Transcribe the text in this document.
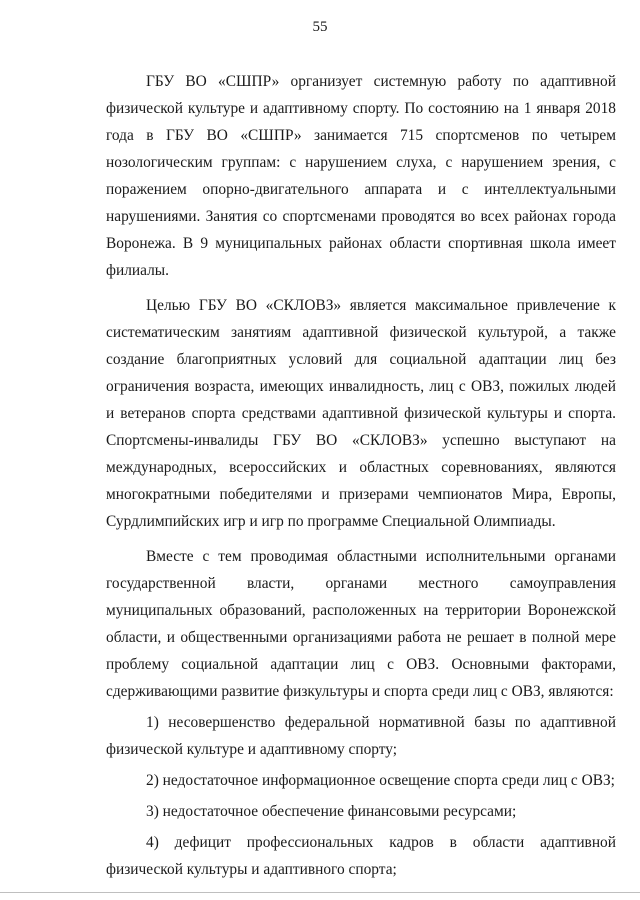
55

ГБУ ВО «СШПР» организует системную работу по адаптивной физической культуре и адаптивному спорту. По состоянию на 1 января 2018 года в ГБУ ВО «СШПР» занимается 715 спортсменов по четырем нозологическим группам: с нарушением слуха, с нарушением зрения, с поражением опорно-двигательного аппарата и с интеллектуальными нарушениями. Занятия со спортсменами проводятся во всех районах города Воронежа. В 9 муниципальных районах области спортивная школа имеет филиалы.

Целью ГБУ ВО «СКЛОВЗ» является максимальное привлечение к систематическим занятиям адаптивной физической культурой, а также создание благоприятных условий для социальной адаптации лиц без ограничения возраста, имеющих инвалидность, лиц с ОВЗ, пожилых людей и ветеранов спорта средствами адаптивной физической культуры и спорта. Спортсмены-инвалиды ГБУ ВО «СКЛОВЗ» успешно выступают на международных, всероссийских и областных соревнованиях, являются многократными победителями и призерами чемпионатов Мира, Европы, Сурдлимпийских игр и игр по программе Специальной Олимпиады.

Вместе с тем проводимая областными исполнительными органами государственной власти, органами местного самоуправления муниципальных образований, расположенных на территории Воронежской области, и общественными организациями работа не решает в полной мере проблему социальной адаптации лиц с ОВЗ. Основными факторами, сдерживающими развитие физкультуры и спорта среди лиц с ОВЗ, являются:

1) несовершенство федеральной нормативной базы по адаптивной физической культуре и адаптивному спорту;

2) недостаточное информационное освещение спорта среди лиц с ОВЗ;

3) недостаточное обеспечение финансовыми ресурсами;

4) дефицит профессиональных кадров в области адаптивной физической культуры и адаптивного спорта;
